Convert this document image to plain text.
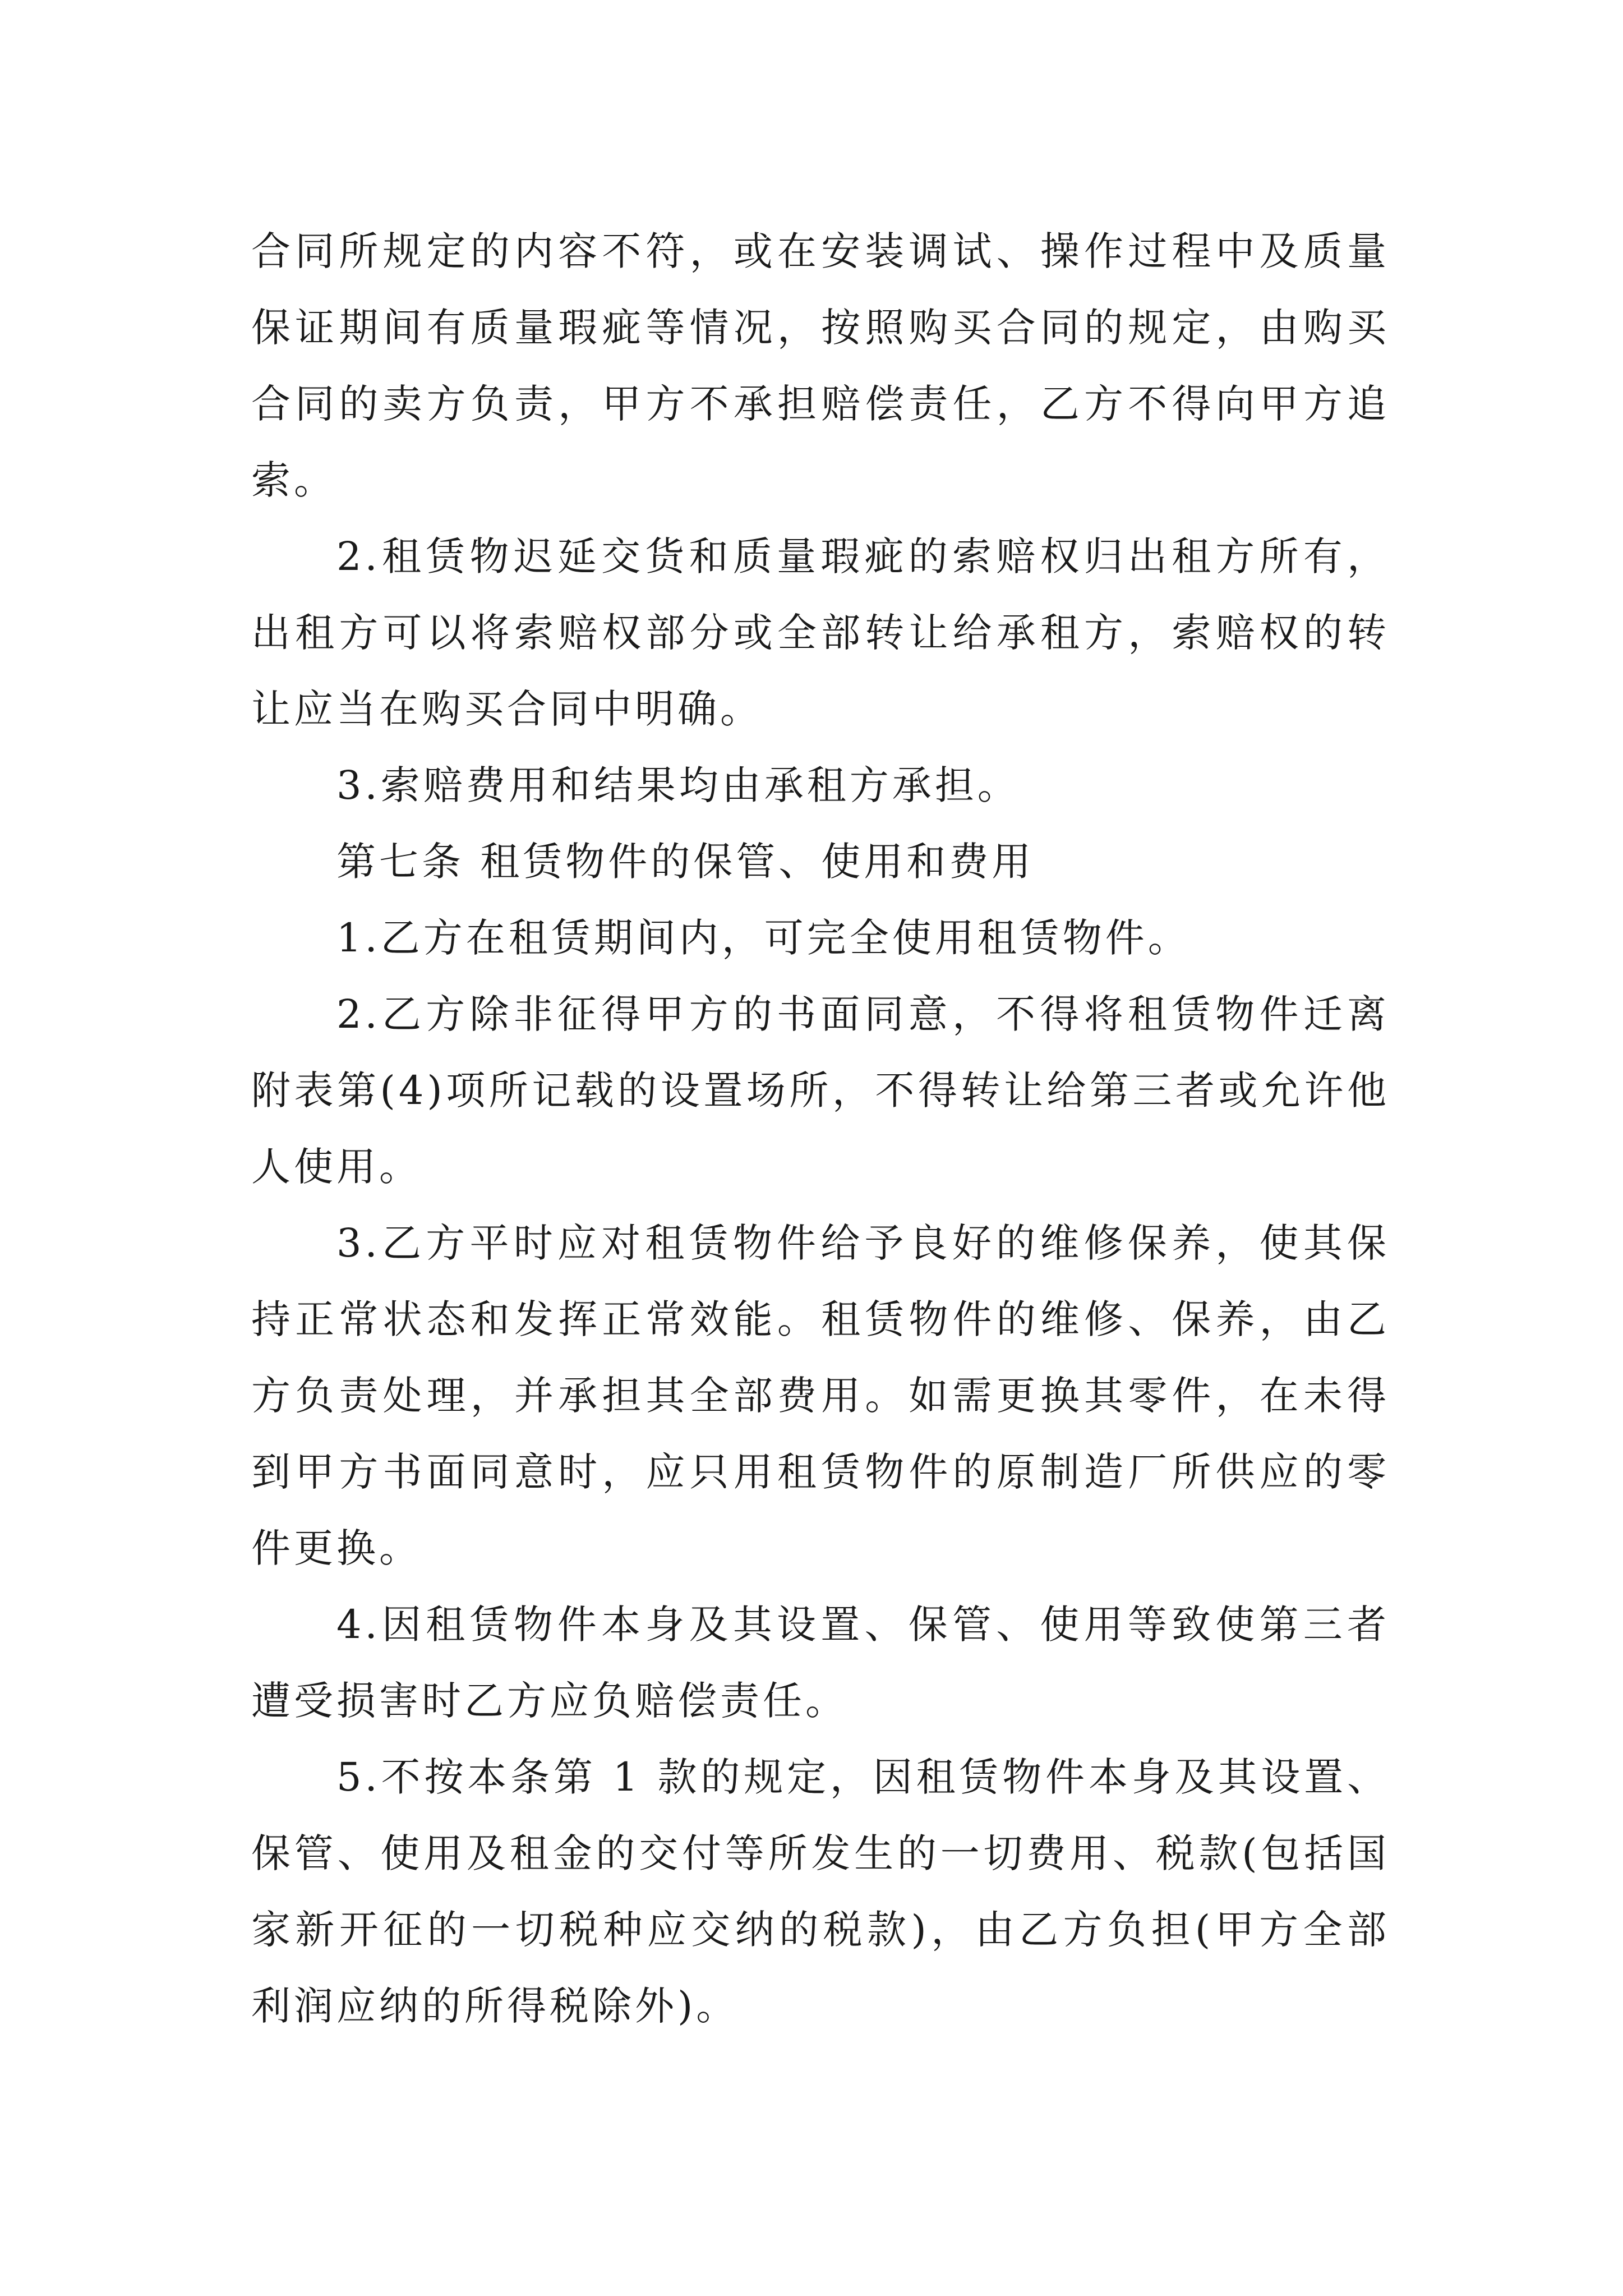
合同所规定的内容不符，或在安装调试、操作过程中及质量保证期间有质量瑕疵等情况，按照购买合同的规定，由购买合同的卖方负责，甲方不承担赔偿责任，乙方不得向甲方追索。

2.租赁物迟延交货和质量瑕疵的索赔权归出租方所有，出租方可以将索赔权部分或全部转让给承租方，索赔权的转让应当在购买合同中明确。

3.索赔费用和结果均由承租方承担。

第七条 租赁物件的保管、使用和费用

1.乙方在租赁期间内，可完全使用租赁物件。

2.乙方除非征得甲方的书面同意，不得将租赁物件迁离附表第(4)项所记载的设置场所，不得转让给第三者或允许他人使用。

3.乙方平时应对租赁物件给予良好的维修保养，使其保持正常状态和发挥正常效能。租赁物件的维修、保养，由乙方负责处理，并承担其全部费用。如需更换其零件，在未得到甲方书面同意时，应只用租赁物件的原制造厂所供应的零件更换。

4.因租赁物件本身及其设置、保管、使用等致使第三者遭受损害时乙方应负赔偿责任。

5.不按本条第 1 款的规定，因租赁物件本身及其设置、保管、使用及租金的交付等所发生的一切费用、税款(包括国家新开征的一切税种应交纳的税款)，由乙方负担(甲方全部利润应纳的所得税除外)。
